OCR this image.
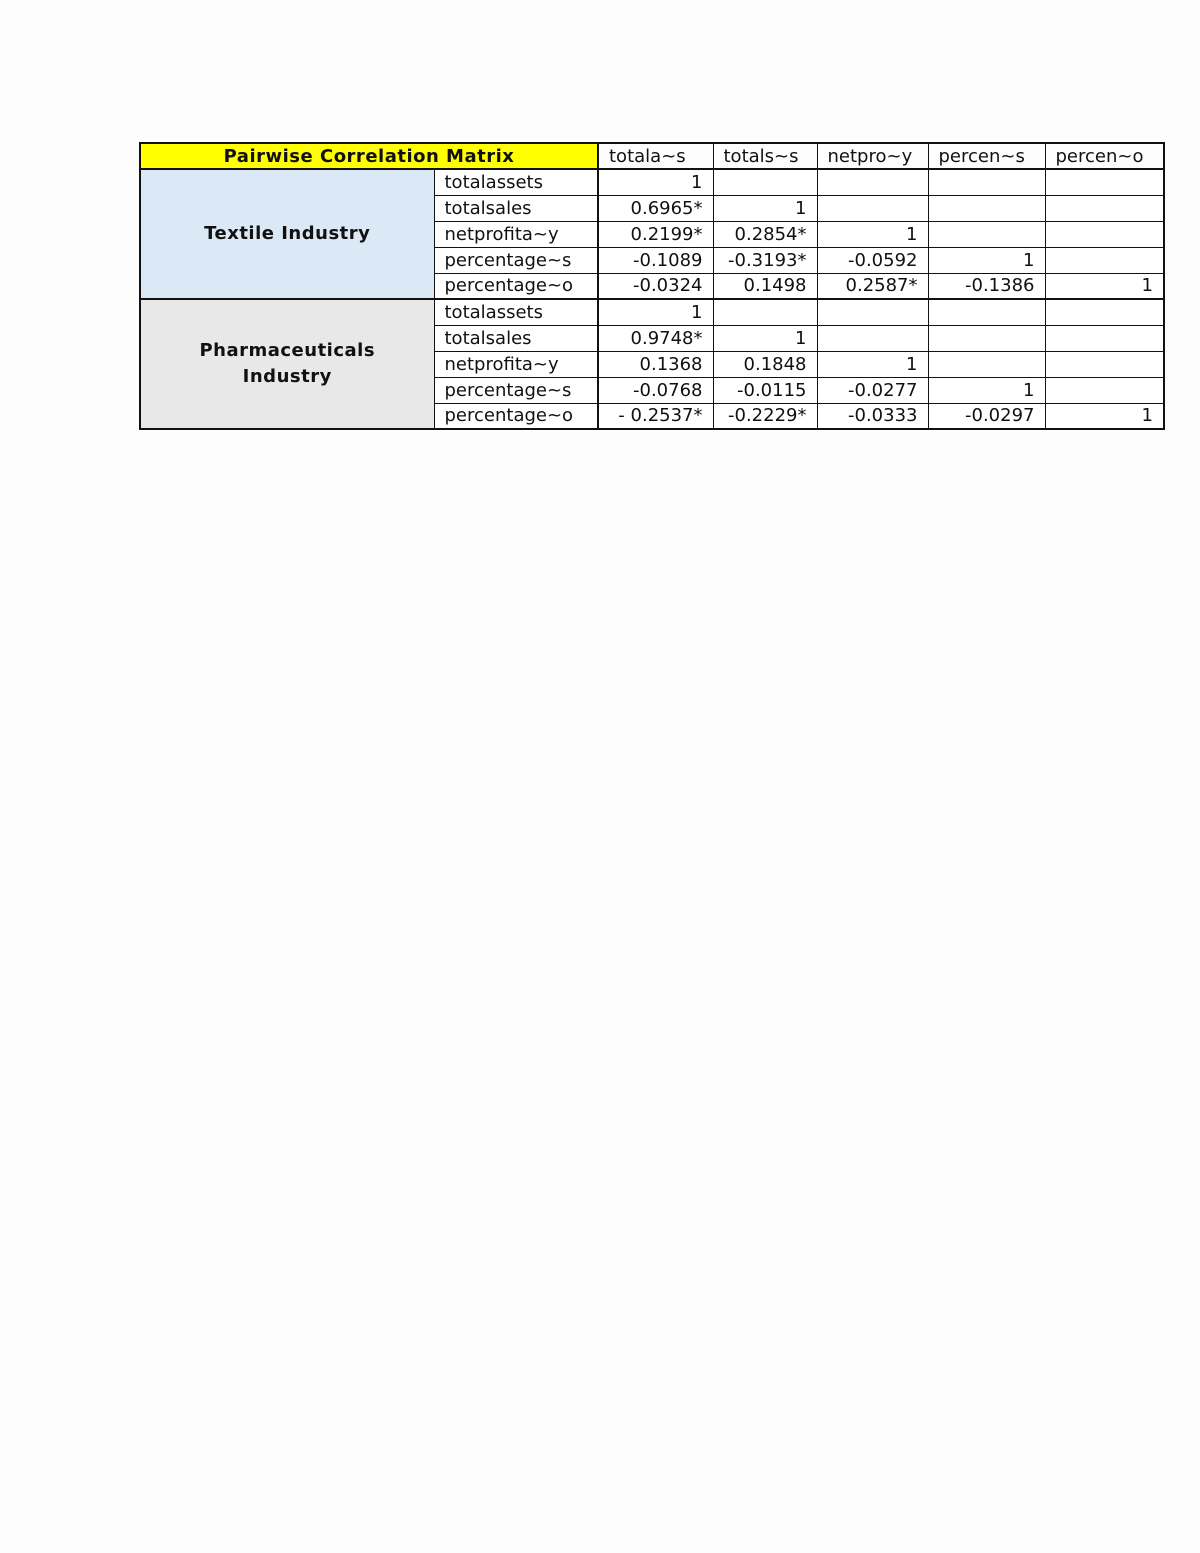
Pairwise Correlation Matrix		totala~s	totals~s	netpro~y	percen~s	percen~o
Textile Industry	totalassets	1				
	totalsales	0.6965*	1			
	netprofita~y	0.2199*	0.2854*	1		
	percentage~s	-0.1089	-0.3193*	-0.0592	1	
	percentage~o	-0.0324	0.1498	0.2587*	-0.1386	1
Pharmaceuticals Industry	totalassets	1				
	totalsales	0.9748*	1			
	netprofita~y	0.1368	0.1848	1		
	percentage~s	-0.0768	-0.0115	-0.0277	1	
	percentage~o	- 0.2537*	-0.2229*	-0.0333	-0.0297	1
